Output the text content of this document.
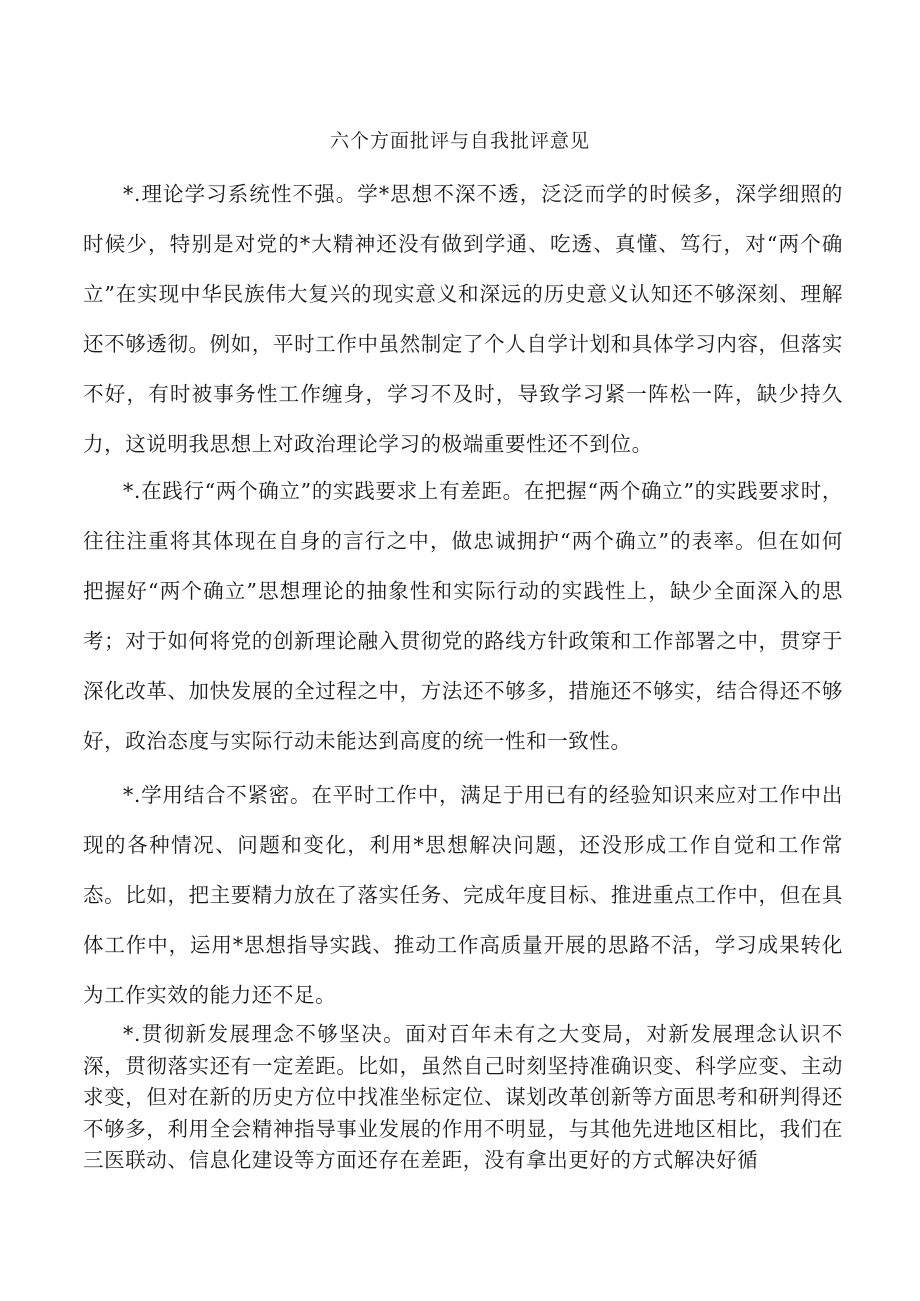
六个方面批评与自我批评意见

*.理论学习系统性不强。学*思想不深不透，泛泛而学的时候多，深学细照的时候少，特别是对党的*大精神还没有做到学通、吃透、真懂、笃行，对“两个确立”在实现中华民族伟大复兴的现实意义和深远的历史意义认知还不够深刻、理解还不够透彻。例如，平时工作中虽然制定了个人自学计划和具体学习内容，但落实不好，有时被事务性工作缠身，学习不及时，导致学习紧一阵松一阵，缺少持久力，这说明我思想上对政治理论学习的极端重要性还不到位。

*.在践行“两个确立”的实践要求上有差距。在把握“两个确立”的实践要求时，往往注重将其体现在自身的言行之中，做忠诚拥护“两个确立”的表率。但在如何把握好“两个确立”思想理论的抽象性和实际行动的实践性上，缺少全面深入的思考；对于如何将党的创新理论融入贯彻党的路线方针政策和工作部署之中，贯穿于深化改革、加快发展的全过程之中，方法还不够多，措施还不够实，结合得还不够好，政治态度与实际行动未能达到高度的统一性和一致性。

*.学用结合不紧密。在平时工作中，满足于用已有的经验知识来应对工作中出现的各种情况、问题和变化，利用*思想解决问题，还没形成工作自觉和工作常态。比如，把主要精力放在了落实任务、完成年度目标、推进重点工作中，但在具体工作中，运用*思想指导实践、推动工作高质量开展的思路不活，学习成果转化为工作实效的能力还不足。

*.贯彻新发展理念不够坚决。面对百年未有之大变局，对新发展理念认识不深，贯彻落实还有一定差距。比如，虽然自己时刻坚持准确识变、科学应变、主动求变，但对在新的历史方位中找准坐标定位、谋划改革创新等方面思考和研判得还不够多，利用全会精神指导事业发展的作用不明显，与其他先进地区相比，我们在三医联动、信息化建设等方面还存在差距，没有拿出更好的方式解决好循
